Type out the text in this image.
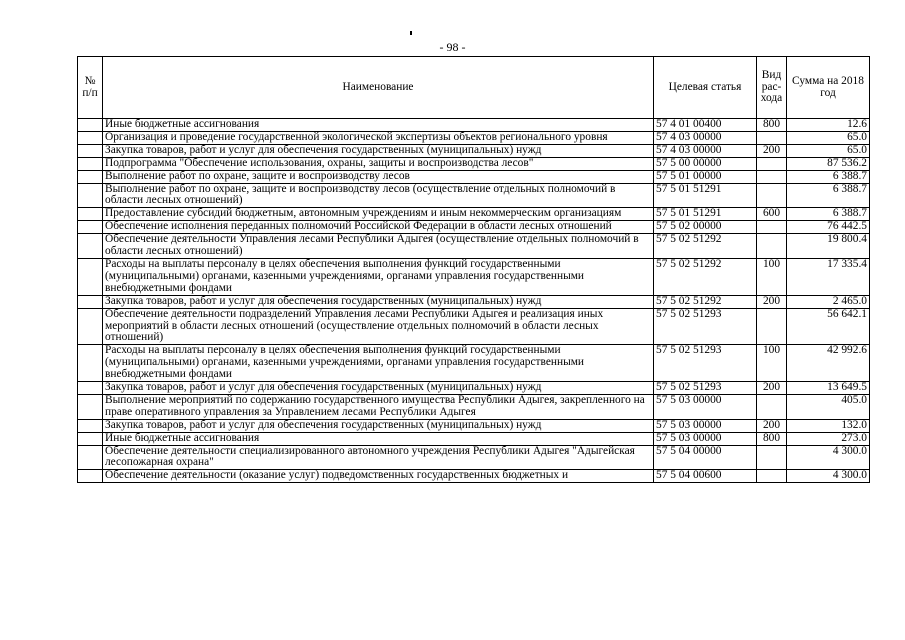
- 98 -
№ п/п	Наименование	Целевая статья	Вид рас-хода	Сумма на 2018 год
	Иные бюджетные ассигнования	57 4 01 00400	800	12.6
	Организация и проведение государственной экологической экспертизы объектов регионального уровня	57 4 03 00000		65.0
	Закупка товаров, работ и услуг для обеспечения государственных (муниципальных) нужд	57 4 03 00000	200	65.0
	Подпрограмма "Обеспечение использования, охраны, защиты и воспроизводства лесов"	57 5 00 00000		87 536.2
	Выполнение работ по охране, защите и воспроизводству лесов	57 5 01 00000		6 388.7
	Выполнение работ по охране, защите и воспроизводству лесов (осуществление отдельных полномочий в области лесных отношений)	57 5 01 51291		6 388.7
	Предоставление субсидий бюджетным, автономным учреждениям и иным некоммерческим организациям	57 5 01 51291	600	6 388.7
	Обеспечение исполнения переданных полномочий Российской Федерации в области лесных отношений	57 5 02 00000		76 442.5
	Обеспечение деятельности Управления лесами Республики Адыгея (осуществление отдельных полномочий в области лесных отношений)	57 5 02 51292		19 800.4
	Расходы на выплаты персоналу в целях обеспечения выполнения функций государственными (муниципальными) органами, казенными учреждениями, органами управления государственными внебюджетными фондами	57 5 02 51292	100	17 335.4
	Закупка товаров, работ и услуг для обеспечения государственных (муниципальных) нужд	57 5 02 51292	200	2 465.0
	Обеспечение деятельности подразделений Управления лесами Республики Адыгея и реализация иных мероприятий в области лесных отношений (осуществление отдельных полномочий в области лесных отношений)	57 5 02 51293		56 642.1
	Расходы на выплаты персоналу в целях обеспечения выполнения функций государственными (муниципальными) органами, казенными учреждениями, органами управления государственными внебюджетными фондами	57 5 02 51293	100	42 992.6
	Закупка товаров, работ и услуг для обеспечения государственных (муниципальных) нужд	57 5 02 51293	200	13 649.5
	Выполнение мероприятий по содержанию государственного имущества Республики Адыгея, закрепленного на праве оперативного управления за Управлением лесами Республики Адыгея	57 5 03 00000		405.0
	Закупка товаров, работ и услуг для обеспечения государственных (муниципальных) нужд	57 5 03 00000	200	132.0
	Иные бюджетные ассигнования	57 5 03 00000	800	273.0
	Обеспечение деятельности специализированного автономного учреждения Республики Адыгея "Адыгейская лесопожарная охрана"	57 5 04 00000		4 300.0
	Обеспечение деятельности (оказание услуг) подведомственных государственных бюджетных и	57 5 04 00600		4 300.0
